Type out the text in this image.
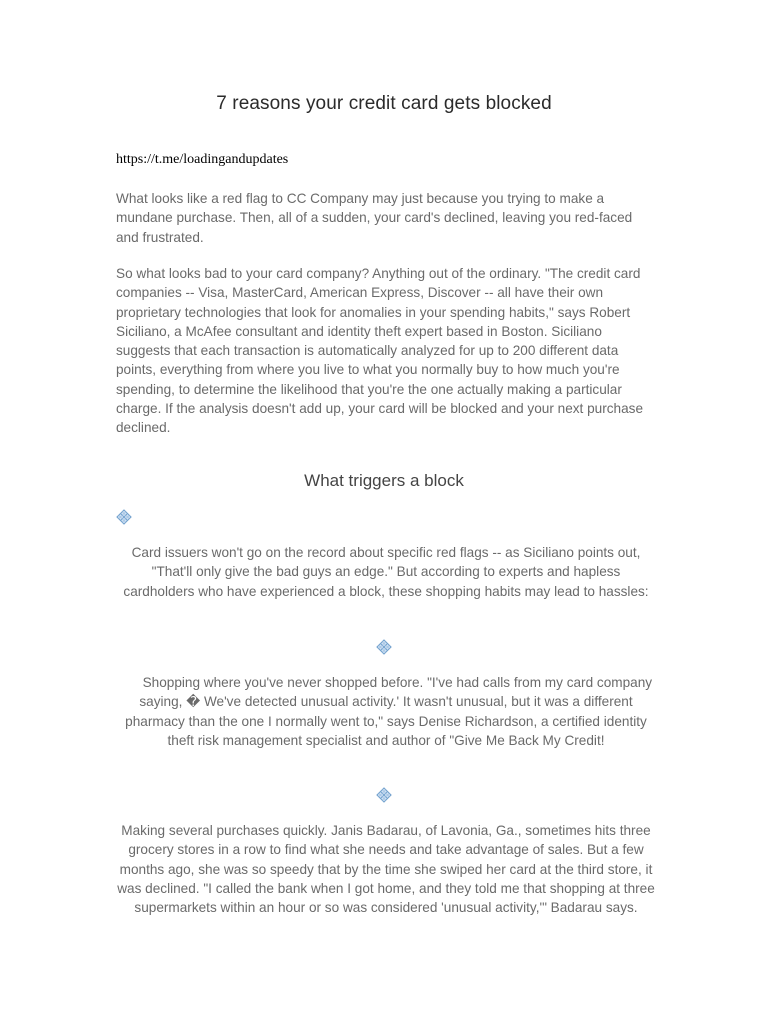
7 reasons your credit card gets blocked
https://t.me/loadingandupdates
What looks like a red flag to CC Company may just because you trying to make a mundane purchase. Then, all of a sudden, your card's declined, leaving you red-faced and frustrated.
So what looks bad to your card company? Anything out of the ordinary. "The credit card companies -- Visa, MasterCard, American Express, Discover -- all have their own proprietary technologies that look for anomalies in your spending habits," says Robert Siciliano, a McAfee consultant and identity theft expert based in Boston. Siciliano suggests that each transaction is automatically analyzed for up to 200 different data points, everything from where you live to what you normally buy to how much you're spending, to determine the likelihood that you're the one actually making a particular charge. If the analysis doesn't add up, your card will be blocked and your next purchase declined.
What triggers a block
Card issuers won't go on the record about specific red flags -- as Siciliano points out, "That'll only give the bad guys an edge." But according to experts and hapless cardholders who have experienced a block, these shopping habits may lead to hassles:
Shopping where you've never shopped before. "I've had calls from my card company saying, � We've detected unusual activity.' It wasn't unusual, but it was a different pharmacy than the one I normally went to," says Denise Richardson, a certified identity theft risk management specialist and author of "Give Me Back My Credit!
Making several purchases quickly. Janis Badarau, of Lavonia, Ga., sometimes hits three grocery stores in a row to find what she needs and take advantage of sales. But a few months ago, she was so speedy that by the time she swiped her card at the third store, it was declined. "I called the bank when I got home, and they told me that shopping at three supermarkets within an hour or so was considered 'unusual activity,'" Badarau says.
